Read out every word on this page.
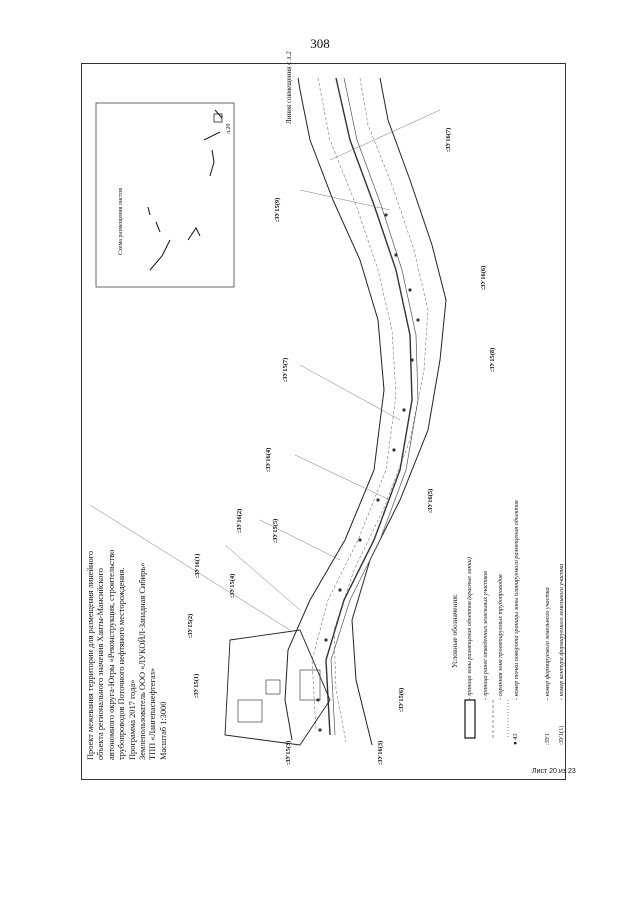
308
Проект межевания территории для размещения линейного объекта регионального значения Ханты-Мансийского автономного округа-Югры «Реконструкция, строительство трубопроводов Поточного нефтяного месторождения. Программа 2017 года» Землепользователь ООО «ЛУКОЙЛ-Западная Сибирь» ТПП «Лангепаснефтегаз» Масштаб 1:3000
Схема размещения листов
л.20
Линия совмещения с л.2
:ЗУ16(7)
:ЗУ15(9)
:ЗУ16(6)
:ЗУ15(8)
:ЗУ15(7)
:ЗУ16(4)
:ЗУ16(5)
:ЗУ16(2)	:ЗУ15(5)
:ЗУ16(1)
:ЗУ15(4)
:ЗУ15(2)
:ЗУ15(1)
:ЗУ15(3)	:ЗУ16(3)
:ЗУ15(6)
Условные обозначения: - граница зоны размещения объектов (красные линии) - граница ранее отведенных земельных участков - охранная зона проектируемых трубопроводов
● 43
- номер точки поворота границы зоны планируемого размещения объектов
:ЗУ1
- номер формируемого земельного участка
:ЗУ1(1)
- номер контура формируемого земельного участка
Лист 20 из 23
